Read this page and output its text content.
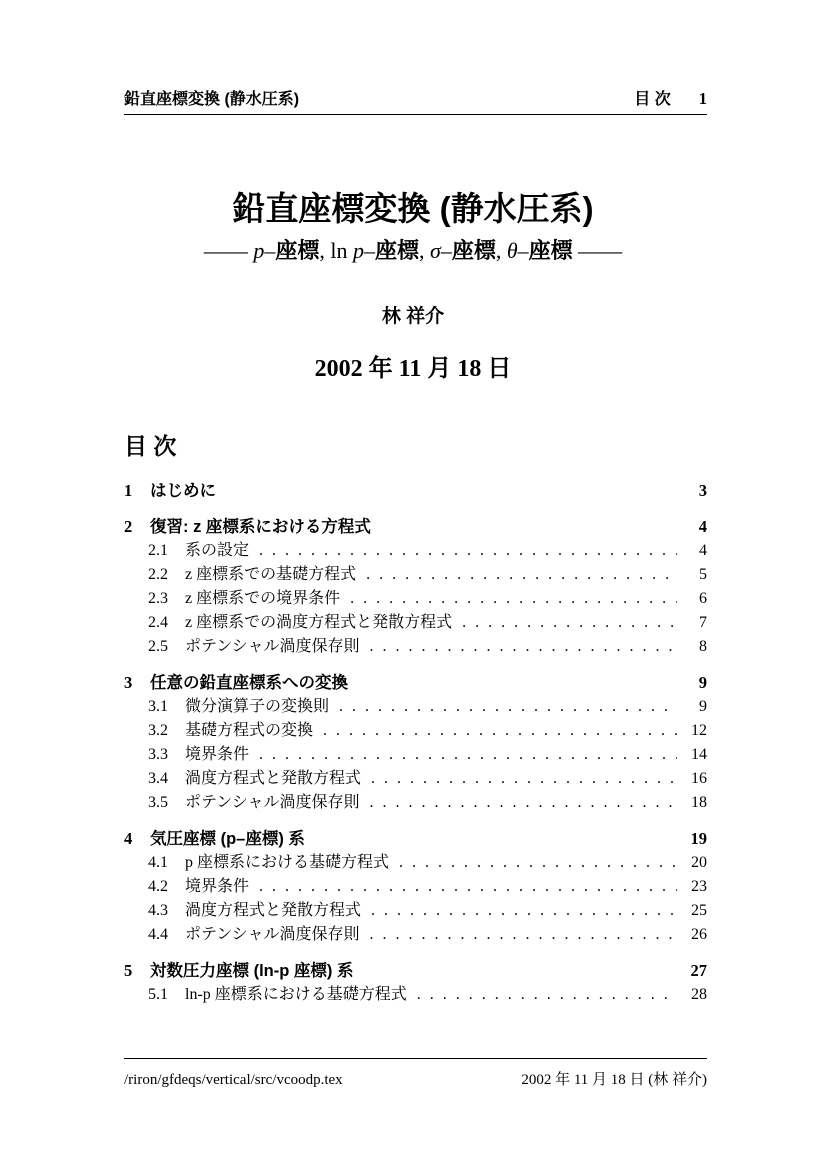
鉛直座標変換 (静水圧系)	目 次 1
鉛直座標変換 (静水圧系)
—— p–座標, ln p–座標, σ–座標, θ–座標 ——
林 祥介
2002 年 11 月 18 日
目 次
1	はじめに	3
2	復習: z 座標系における方程式	4
2.1	系の設定 . . .	4
2.2	z 座標系での基礎方程式 . . .	5
2.3	z 座標系での境界条件 . . .	6
2.4	z 座標系での渦度方程式と発散方程式 . . .	7
2.5	ポテンシャル渦度保存則 . . .	8
3	任意の鉛直座標系への変換	9
3.1	微分演算子の変換則 . . .	9
3.2	基礎方程式の変換 . . .	12
3.3	境界条件 . . .	14
3.4	渦度方程式と発散方程式 . . .	16
3.5	ポテンシャル渦度保存則 . . .	18
4	気圧座標 (p–座標) 系	19
4.1	p 座標系における基礎方程式 . . .	20
4.2	境界条件 . . .	23
4.3	渦度方程式と発散方程式 . . .	25
4.4	ポテンシャル渦度保存則 . . .	26
5	対数圧力座標 (ln-p 座標) 系	27
5.1	ln-p 座標系における基礎方程式 . . .	28
/riron/gfdeqs/vertical/src/vcoodp.tex	2002 年 11 月 18 日 (林 祥介)
